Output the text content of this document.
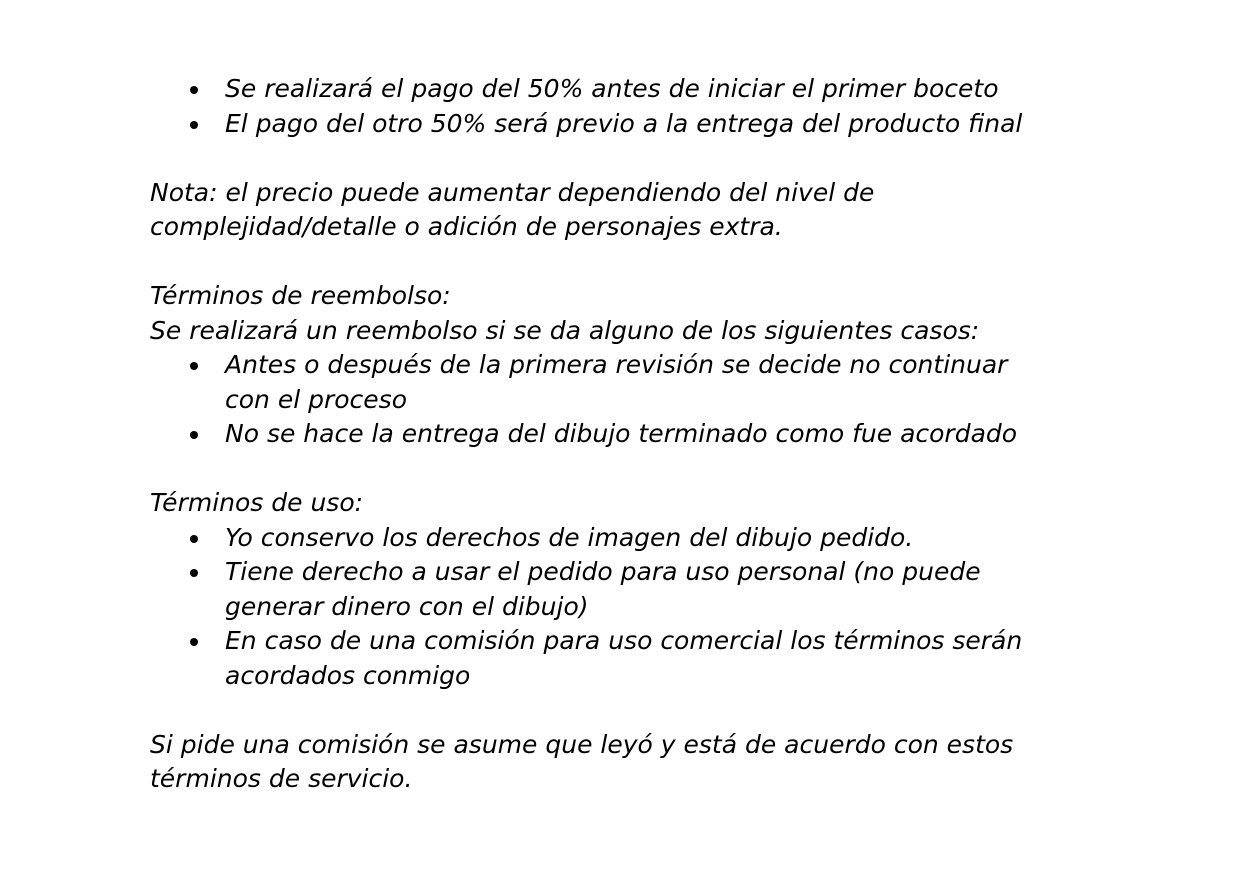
Se realizará el pago del 50% antes de iniciar el primer boceto
El pago del otro 50% será previo a la entrega del producto final

Nota: el precio puede aumentar dependiendo del nivel de
complejidad/detalle o adición de personajes extra.

Términos de reembolso:

Se realizará un reembolso si se da alguno de los siguientes casos:

Antes o después de la primera revisión se decide no continuar
con el proceso
No se hace la entrega del dibujo terminado como fue acordado

Términos de uso:

Yo conservo los derechos de imagen del dibujo pedido.
Tiene derecho a usar el pedido para uso personal (no puede
generar dinero con el dibujo)
En caso de una comisión para uso comercial los términos serán
acordados conmigo

Si pide una comisión se asume que leyó y está de acuerdo con estos
términos de servicio.
